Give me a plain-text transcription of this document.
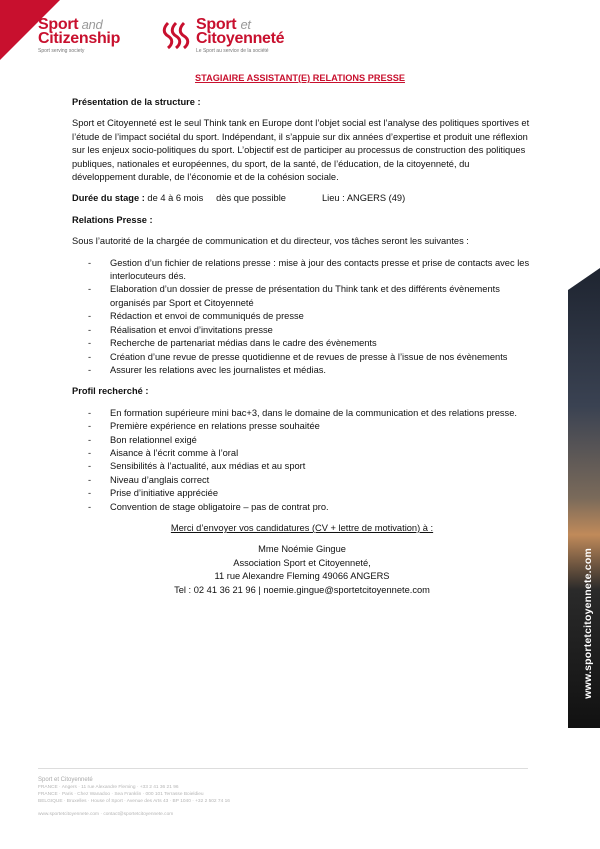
Sport and
Citizenship
Sport serving society
Sport et
Citoyenneté
Le Sport au service de la société
STAGIAIRE ASSISTANT(E) RELATIONS PRESSE
Présentation de la structure :

Sport et Citoyenneté est le seul Think tank en Europe dont l’objet social est l’analyse des politiques sportives et l’étude de l’impact sociétal du sport. Indépendant, il s’appuie sur dix années d’expertise et produit une réflexion sur les enjeux socio-politiques du sport. L’objectif est de participer au processus de construction des politiques publiques, nationales et européennes, du sport, de la santé, de l’éducation, de la citoyenneté, du développement durable, de l’économie et de la cohésion sociale.

Durée du stage : de 4 à 6 mois     dès que possible	Lieu : ANGERS (49)
Relations Presse :

Sous l’autorité de la chargée de communication et du directeur, vos tâches seront les suivantes :

- Gestion d’un fichier de relations presse : mise à jour des contacts presse et prise de contacts avec les interlocuteurs dés.
- Elaboration d’un dossier de presse de présentation du Think tank et des différents évènements organisés par Sport et Citoyenneté
- Rédaction et envoi de communiqués de presse
- Réalisation et envoi d’invitations presse
- Recherche de partenariat médias dans le cadre des évènements
- Création d’une revue de presse quotidienne et de revues de presse à l’issue de nos évènements
- Assurer les relations avec les journalistes et médias.
Profil recherché :
- En formation supérieure mini bac+3, dans le domaine de la communication et des relations presse.
- Première expérience en relations presse souhaitée
- Bon relationnel exigé
- Aisance à l’écrit comme à l’oral
- Sensibilités à l’actualité, aux médias et au sport
- Niveau d’anglais correct
- Prise d’initiative appréciée
- Convention de stage obligatoire – pas de contrat pro.

Merci d’envoyer vos candidatures (CV + lettre de motivation) à :

Mme Noémie Gingue

Association Sport et Citoyenneté,

11 rue Alexandre Fleming 49066 ANGERS

Tel : 02 41 36 21 96 | noemie.gingue@sportetcitoyennete.com	www.sportetcitoyennete.com
Sport et Citoyenneté
FRANCE · Angers · 11 rue Alexandre Fleming · +33 2 41 36 21 96
FRANCE · Paris · Chez Wanadoo · Sea Franklin · 000 101 Terrasse Boieldieu
BELGIQUE · Bruxelles · House of Sport · Avenue des Arts 43 · BP 1040 · +32 2 502 74 16
www.sportetcitoyennete.com · contact@sportetcitoyennete.com
